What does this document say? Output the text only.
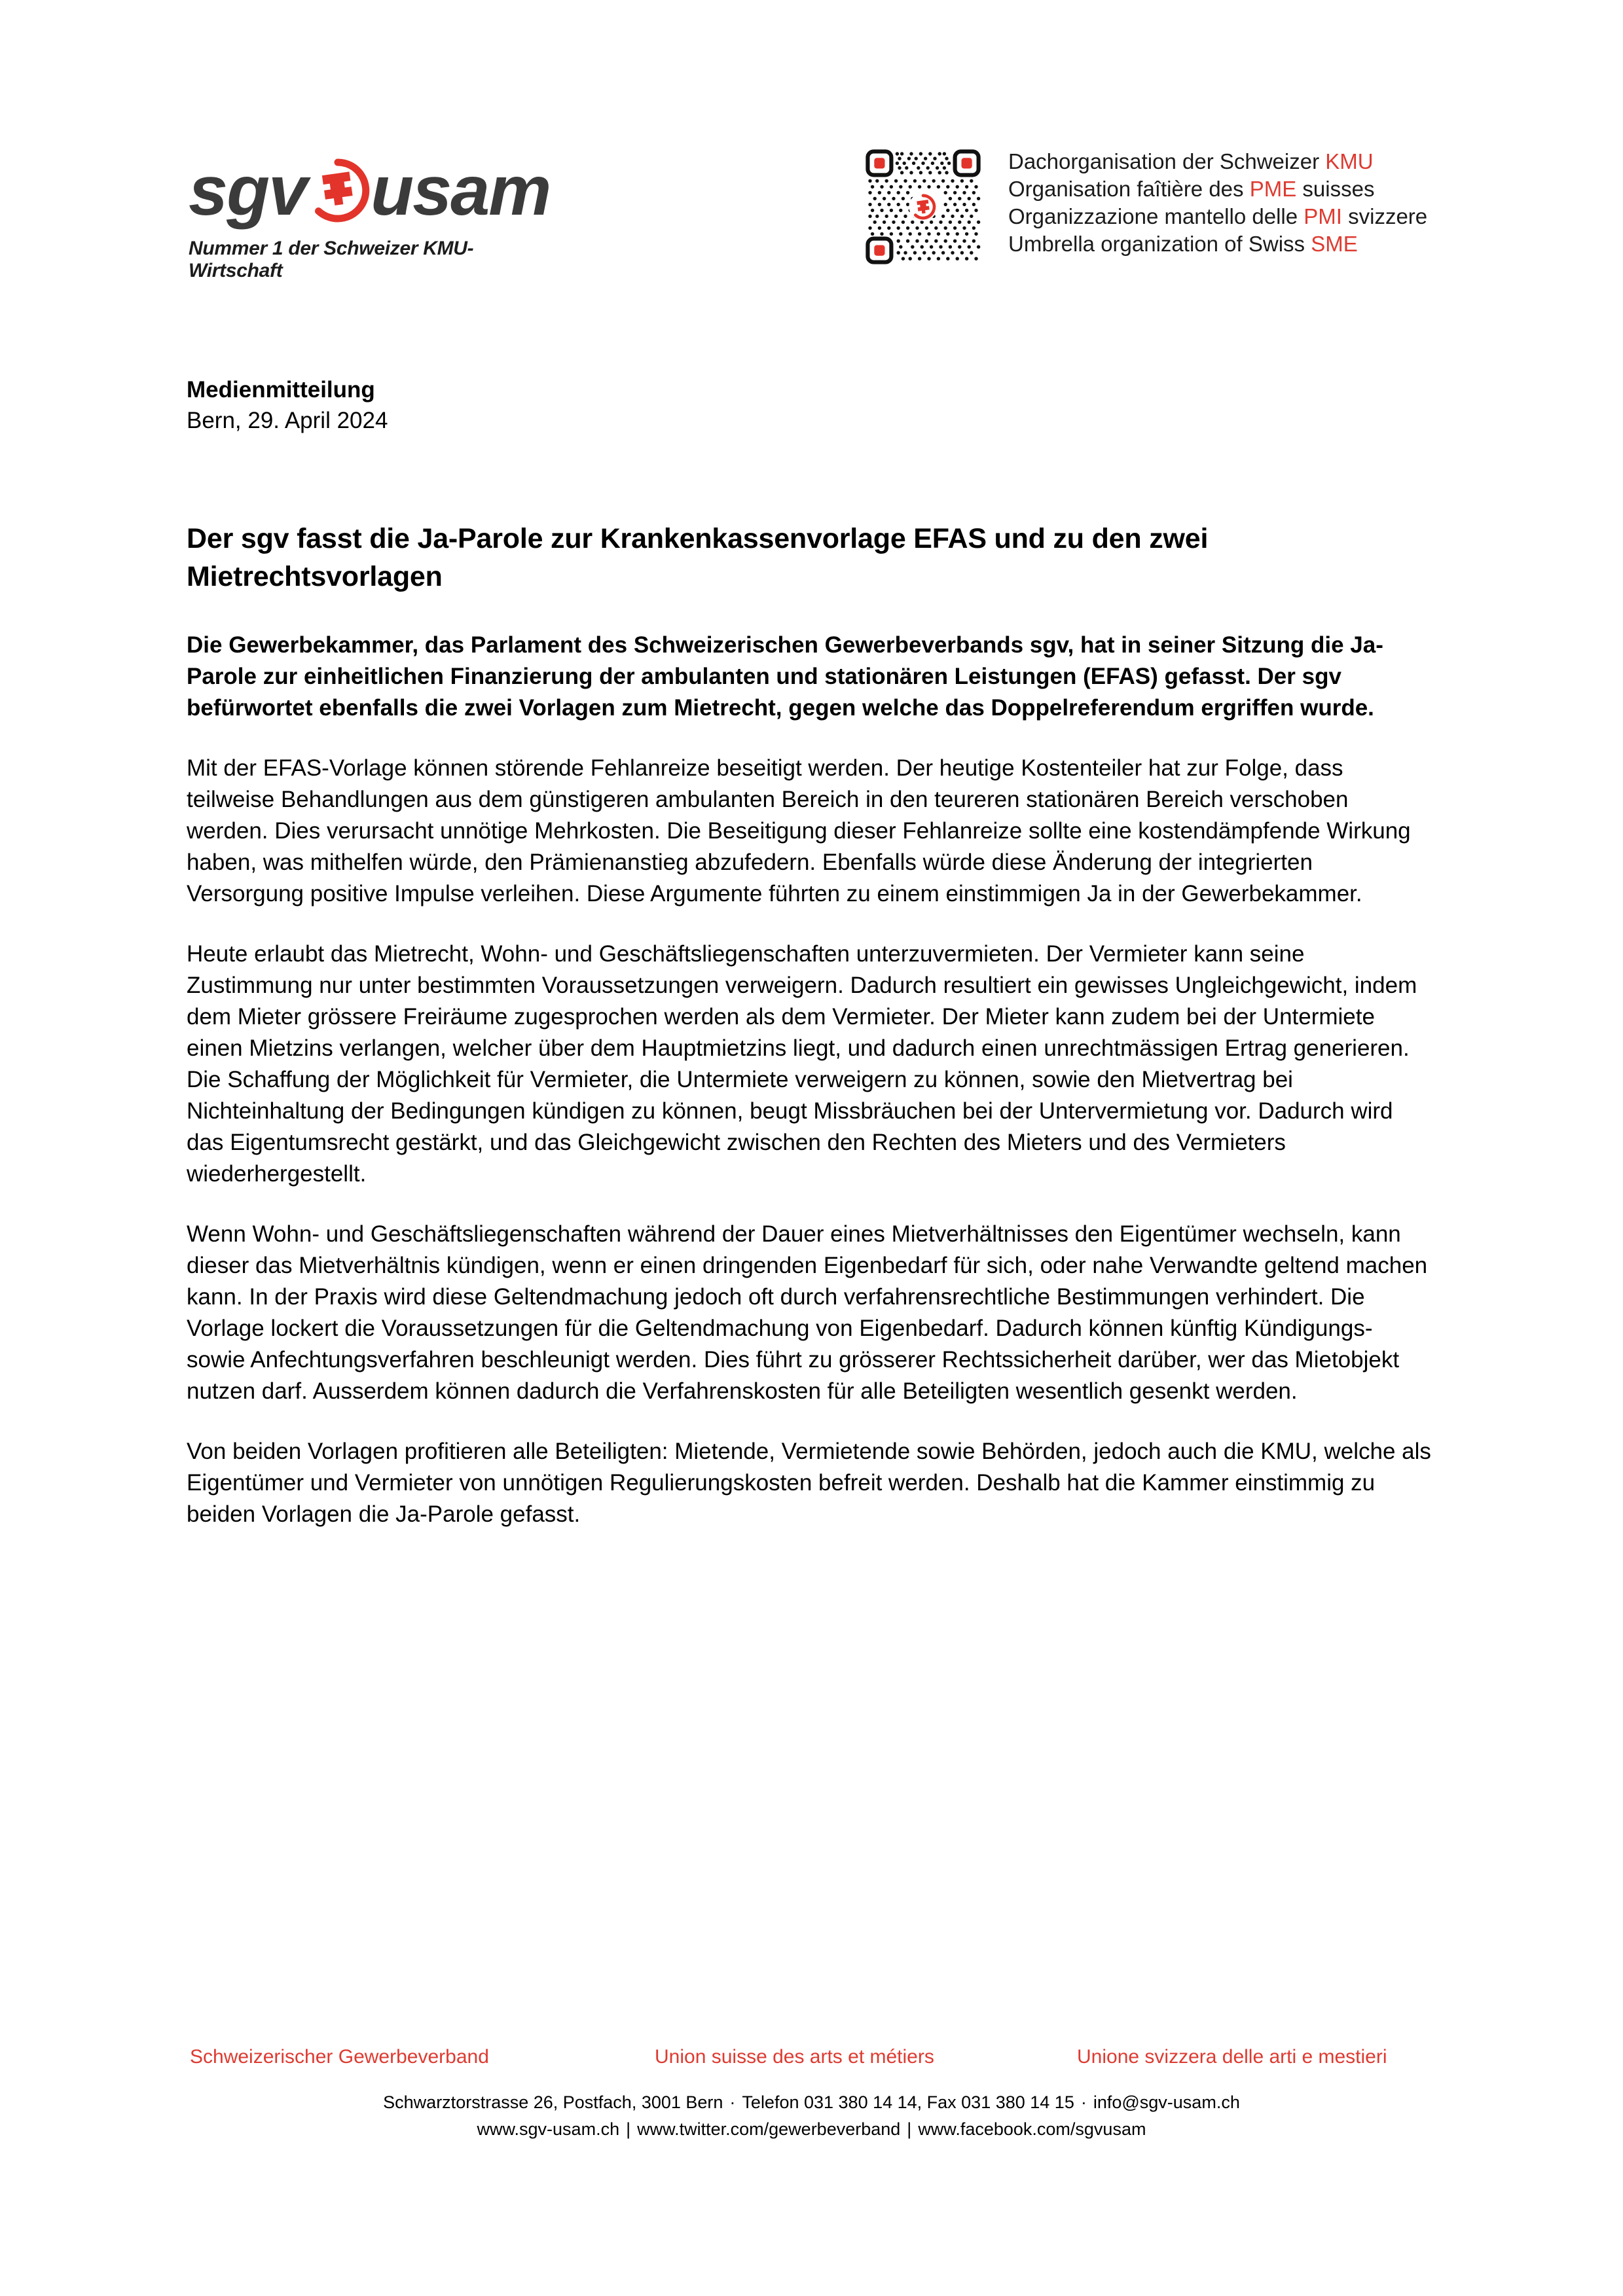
sgv usam
Nummer 1 der Schweizer KMU-Wirtschaft
Dachorganisation der Schweizer KMU
Organisation faîtière des PME suisses
Organizzazione mantello delle PMI svizzere
Umbrella organization of Swiss SME
Medienmitteilung
Bern, 29. April 2024
Der sgv fasst die Ja-Parole zur Krankenkassenvorlage EFAS und zu den zwei Mietrechtsvorlagen

Die Gewerbekammer, das Parlament des Schweizerischen Gewerbeverbands sgv, hat in seiner Sitzung die Ja-Parole zur einheitlichen Finanzierung der ambulanten und stationären Leistungen (EFAS) gefasst. Der sgv befürwortet ebenfalls die zwei Vorlagen zum Mietrecht, gegen welche das Doppelreferendum ergriffen wurde.

Mit der EFAS-Vorlage können störende Fehlanreize beseitigt werden. Der heutige Kostenteiler hat zur Folge, dass teilweise Behandlungen aus dem günstigeren ambulanten Bereich in den teureren stationären Bereich verschoben werden. Dies verursacht unnötige Mehrkosten. Die Beseitigung dieser Fehlanreize sollte eine kostendämpfende Wirkung haben, was mithelfen würde, den Prämienanstieg abzufedern. Ebenfalls würde diese Änderung der integrierten Versorgung positive Impulse verleihen. Diese Argumente führten zu einem einstimmigen Ja in der Gewerbekammer.

Heute erlaubt das Mietrecht, Wohn- und Geschäftsliegenschaften unterzuvermieten. Der Vermieter kann seine Zustimmung nur unter bestimmten Voraussetzungen verweigern. Dadurch resultiert ein gewisses Ungleichgewicht, indem dem Mieter grössere Freiräume zugesprochen werden als dem Vermieter. Der Mieter kann zudem bei der Untermiete einen Mietzins verlangen, welcher über dem Hauptmietzins liegt, und dadurch einen unrechtmässigen Ertrag generieren. Die Schaffung der Möglichkeit für Vermieter, die Untermiete verweigern zu können, sowie den Mietvertrag bei Nichteinhaltung der Bedingungen kündigen zu können, beugt Missbräuchen bei der Untervermietung vor. Dadurch wird das Eigentumsrecht gestärkt, und das Gleichgewicht zwischen den Rechten des Mieters und des Vermieters wiederhergestellt.

Wenn Wohn- und Geschäftsliegenschaften während der Dauer eines Mietverhältnisses den Eigentümer wechseln, kann dieser das Mietverhältnis kündigen, wenn er einen dringenden Eigenbedarf für sich, oder nahe Verwandte geltend machen kann. In der Praxis wird diese Geltendmachung jedoch oft durch verfahrensrechtliche Bestimmungen verhindert. Die Vorlage lockert die Voraussetzungen für die Geltendmachung von Eigenbedarf. Dadurch können künftig Kündigungs- sowie Anfechtungsverfahren beschleunigt werden. Dies führt zu grösserer Rechtssicherheit darüber, wer das Mietobjekt nutzen darf. Ausserdem können dadurch die Verfahrenskosten für alle Beteiligten wesentlich gesenkt werden.

Von beiden Vorlagen profitieren alle Beteiligten: Mietende, Vermietende sowie Behörden, jedoch auch die KMU, welche als Eigentümer und Vermieter von unnötigen Regulierungskosten befreit werden. Deshalb hat die Kammer einstimmig zu beiden Vorlagen die Ja-Parole gefasst.

Schweizerischer Gewerbeverband	Union suisse des arts et métiers	Unione svizzera delle arti e mestieri
Schwarztorstrasse 26, Postfach, 3001 Bern · Telefon 031 380 14 14, Fax 031 380 14 15 · info@sgv-usam.ch
www.sgv-usam.ch | www.twitter.com/gewerbeverband | www.facebook.com/sgvusam
